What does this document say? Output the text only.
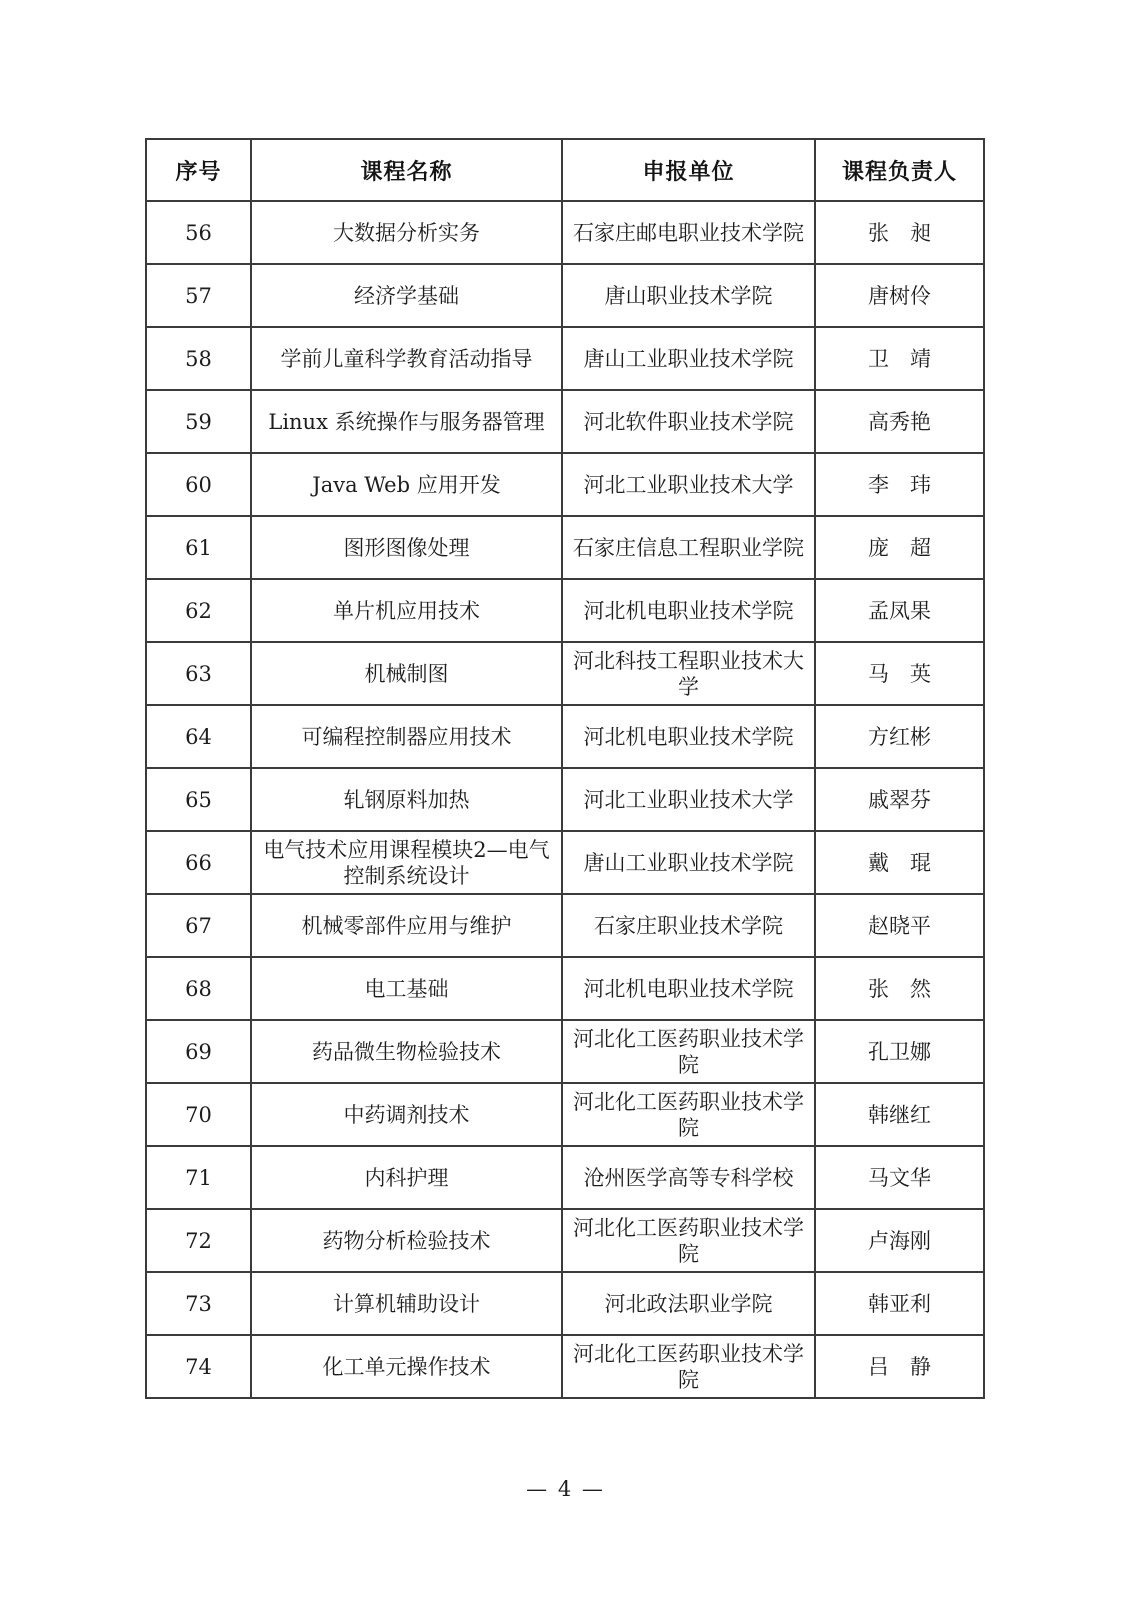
序号	课程名称	申报单位	课程负责人
56	大数据分析实务	石家庄邮电职业技术学院	张　昶
57	经济学基础	唐山职业技术学院	唐树伶
58	学前儿童科学教育活动指导	唐山工业职业技术学院	卫　靖
59	Linux 系统操作与服务器管理	河北软件职业技术学院	高秀艳
60	Java Web 应用开发	河北工业职业技术大学	李　玮
61	图形图像处理	石家庄信息工程职业学院	庞　超
62	单片机应用技术	河北机电职业技术学院	孟凤果
63	机械制图	河北科技工程职业技术大学	马　英
64	可编程控制器应用技术	河北机电职业技术学院	方红彬
65	轧钢原料加热	河北工业职业技术大学	戚翠芬
66	电气技术应用课程模块2—电气控制系统设计	唐山工业职业技术学院	戴　琨
67	机械零部件应用与维护	石家庄职业技术学院	赵晓平
68	电工基础	河北机电职业技术学院	张　然
69	药品微生物检验技术	河北化工医药职业技术学院	孔卫娜
70	中药调剂技术	河北化工医药职业技术学院	韩继红
71	内科护理	沧州医学高等专科学校	马文华
72	药物分析检验技术	河北化工医药职业技术学院	卢海刚
73	计算机辅助设计	河北政法职业学院	韩亚利
74	化工单元操作技术	河北化工医药职业技术学院	吕　静
— 4 —
